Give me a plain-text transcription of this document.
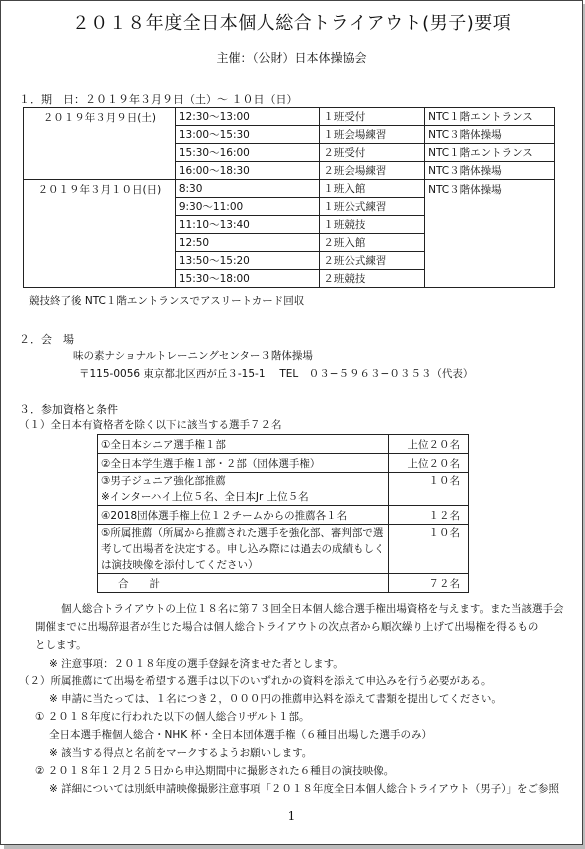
２０１８年度全日本個人総合トライアウト(男子)要項
主催：（公財）日本体操協会
１．期　日：２０１９年３月９日（土）～ １０日（日）
２０１９年３月９日(土)	12:30～13:00	１班受付	NTC１階エントランス
	13:00～15:30	１班会場練習	NTC３階体操場
	15:30～16:00	２班受付	NTC１階エントランス
	16:00～18:30	２班会場練習	NTC３階体操場
２０１９年３月１０日(日)	8:30	１班入館	NTC３階体操場
	9:30～11:00	１班公式練習	
	11:10～13:40	１班競技	
	12:50	２班入館	
	13:50～15:20	２班公式練習	
	15:30～18:00	２班競技	
競技終了後 NTC１階エントランスでアスリートカード回収
２．会　場
味の素ナショナルトレーニングセンター３階体操場
〒115-0056 東京都北区西が丘３-15-1　 TEL　０３−５９６３−０３５３（代表）
３．参加資格と条件
（１）全日本有資格者を除く以下に該当する選手７２名
①全日本シニア選手権１部	上位２０名
②全日本学生選手権１部・２部（団体選手権）	上位２０名
③男子ジュニア強化部推薦
※インターハイ上位５名、全日本Jr 上位５名	１０名
④2018団体選手権上位１２チームからの推薦各１名	１２名
⑤所属推薦（所属から推薦された選手を強化部、審判部で選考して出場者を決定する。申し込み際には過去の成績もしくは演技映像を添付してください）	１０名
合　　計	７２名
個人総合トライアウトの上位１８名に第７３回全日本個人総合選手権出場資格を与えます。また当該選手会
開催までに出場辞退者が生じた場合は個人総合トライアウトの次点者から順次繰り上げて出場権を得るもの
とします。
※ 注意事項：２０１８年度の選手登録を済ませた者とします。
（２）所属推薦にて出場を希望する選手は以下のいずれかの資料を添えて申込みを行う必要がある。
※ 申請に当たっては、１名につき２，０００円の推薦申込料を添えて書類を提出してください。
① ２０１８年度に行われた以下の個人総合リザルト１部。
全日本選手権個人総合・NHK 杯・全日本団体選手権（６種目出場した選手のみ）
※ 該当する得点と名前をマークするようお願いします。
② ２０１８年１２月２５日から申込期間中に撮影された６種目の演技映像。
※ 詳細については別紙申請映像撮影注意事項「２０１８年度全日本個人総合トライアウト（男子）」をご参照
1
